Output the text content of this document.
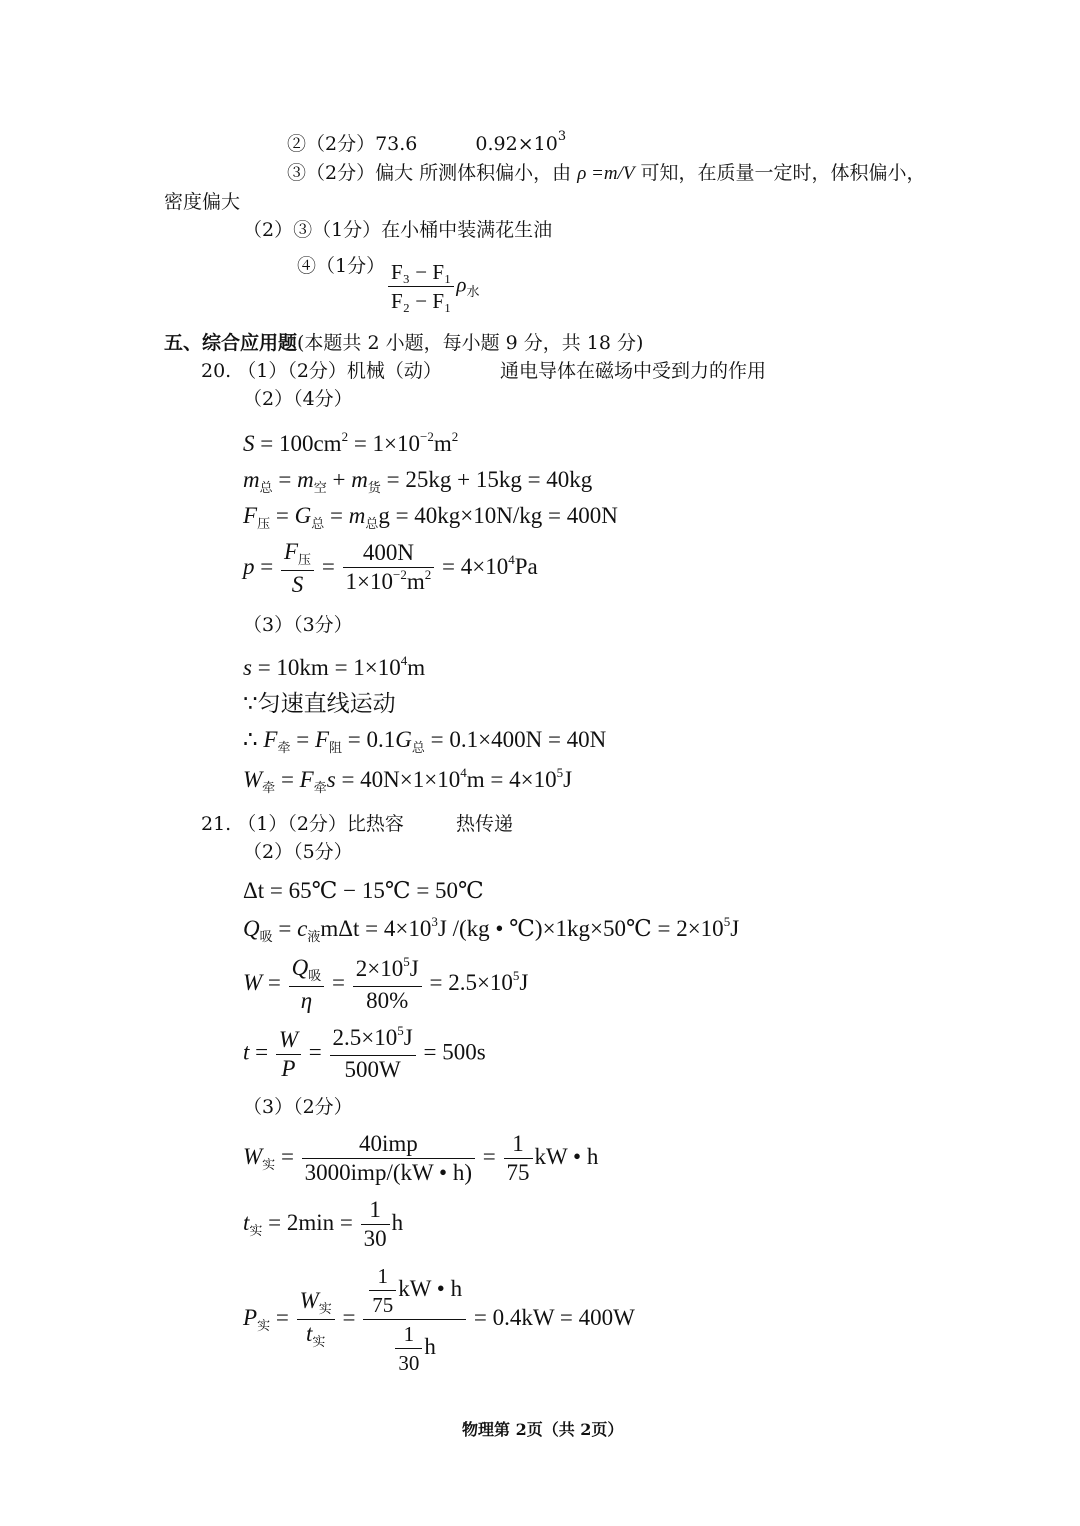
②（2分）73.6	$0.92\times 10^3$
③（2分）偏大 所测体积偏小，由 ρ =m/V 可知，在质量一定时，体积偏小，
密度偏大
（2）③（1分）在小桶中装满花生油
④（1分） $\frac{\text{F₃ − F₁}}{\text{F₂ − F₁}} \rho_水$
五、综合应用题(本题共 2 小题，每小题 9 分，共 18 分)
20. （1）（2分）机械（动）	通电导体在磁场中受到力的作用
（2）（4分）
$S = 100cm^2 = 1\times 10^{-2}m^2$
$m_总 = m_空 + m_货 = 25kg + 15kg = 40kg$
$F_压 = G_总 = m_总g = 40kg\times 10N/kg = 400N$
$p = \frac{F_压}{S} = \frac{400N}{1\times 10^{-2}m^2} = 4\times 10^4Pa$
（3）（3分）
$s = 10km = 1\times 10^4m$
∵匀速直线运动
∴ $F_牵 = F_阻 = 0.1G_总 = 0.1\times 400N = 40N$
$W_牵 = F_牵s = 40N\times 1\times 10^4m = 4\times 10^5J$
21. （1）（2分）比热容	热传递
（2）（5分）
Δt = 65℃ − 15℃ = 50℃
$Q_吸 = c_液m\Delta t = 4\times 10^3J$ /(kg • ℃)×1kg×50℃ = $2\times 10^5J$
$W = \frac{Q_吸}{\eta} = \frac{2\times 10^5J}{80\%} = 2.5\times 10^5J$
$t = \frac{W}{P} = \frac{2.5\times 10^5J}{500W} = 500s$
（3）（2分）
$W_实 = \frac{\text{40imp}}{\text{3000imp/(kW • h)}} = \frac{1}{75}$ kW • h
$t_实 = 2\min = \frac{1}{30}$ h
$P_实 = \frac{W_实}{t_实} = \frac{\frac{1}{75} kW • h}{\frac{1}{30} h} = 0.4kW = 400W$
物理第 2页（共 2页）
